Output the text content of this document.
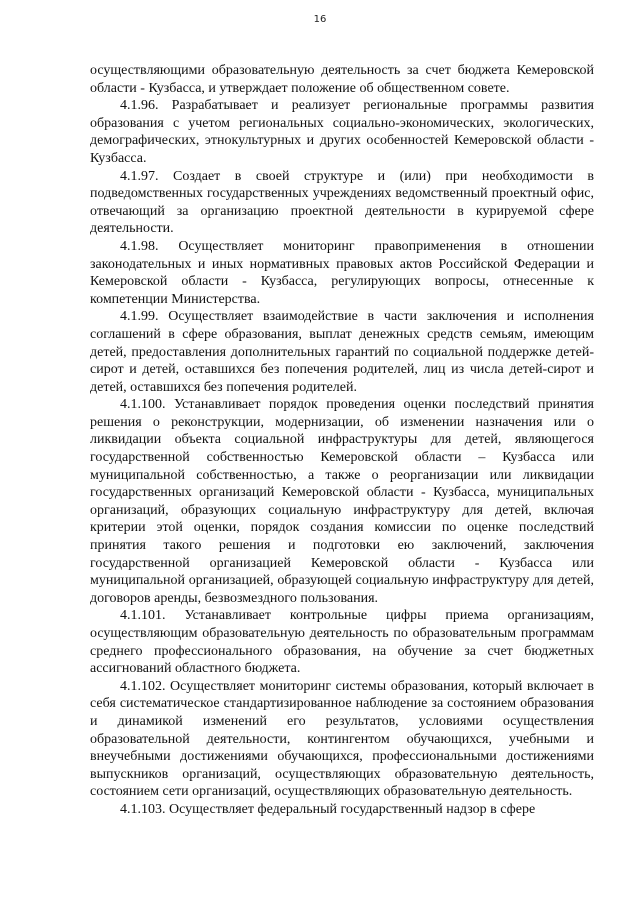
16

осуществляющими образовательную деятельность за счет бюджета Кемеровской области - Кузбасса, и утверждает положение об общественном совете.

4.1.96. Разрабатывает и реализует региональные программы развития образования с учетом региональных социально-экономических, экологических, демографических, этнокультурных и других особенностей Кемеровской области - Кузбасса.

4.1.97. Создает в своей структуре и (или) при необходимости в подведомственных государственных учреждениях ведомственный проектный офис, отвечающий за организацию проектной деятельности в курируемой сфере деятельности.

4.1.98. Осуществляет мониторинг правоприменения в отношении законодательных и иных нормативных правовых актов Российской Федерации и Кемеровской области - Кузбасса, регулирующих вопросы, отнесенные к компетенции Министерства.

4.1.99. Осуществляет взаимодействие в части заключения и исполнения соглашений в сфере образования, выплат денежных средств семьям, имеющим детей, предоставления дополнительных гарантий по социальной поддержке детей-сирот и детей, оставшихся без попечения родителей, лиц из числа детей-сирот и детей, оставшихся без попечения родителей.

4.1.100. Устанавливает порядок проведения оценки последствий принятия решения о реконструкции, модернизации, об изменении назначения или о ликвидации объекта социальной инфраструктуры для детей, являющегося государственной собственностью Кемеровской области – Кузбасса или муниципальной собственностью, а также о реорганизации или ликвидации государственных организаций Кемеровской области - Кузбасса, муниципальных организаций, образующих социальную инфраструктуру для детей, включая критерии этой оценки, порядок создания комиссии по оценке последствий принятия такого решения и подготовки ею заключений, заключения государственной организацией Кемеровской области - Кузбасса или муниципальной организацией, образующей социальную инфраструктуру для детей, договоров аренды, безвозмездного пользования.

4.1.101. Устанавливает контрольные цифры приема организациям, осуществляющим образовательную деятельность по образовательным программам среднего профессионального образования, на обучение за счет бюджетных ассигнований областного бюджета.

4.1.102. Осуществляет мониторинг системы образования, который включает в себя систематическое стандартизированное наблюдение за состоянием образования и динамикой изменений его результатов, условиями осуществления образовательной деятельности, контингентом обучающихся, учебными и внеучебными достижениями обучающихся, профессиональными достижениями выпускников организаций, осуществляющих образовательную деятельность, состоянием сети организаций, осуществляющих образовательную деятельность.

4.1.103. Осуществляет федеральный государственный надзор в сфере
